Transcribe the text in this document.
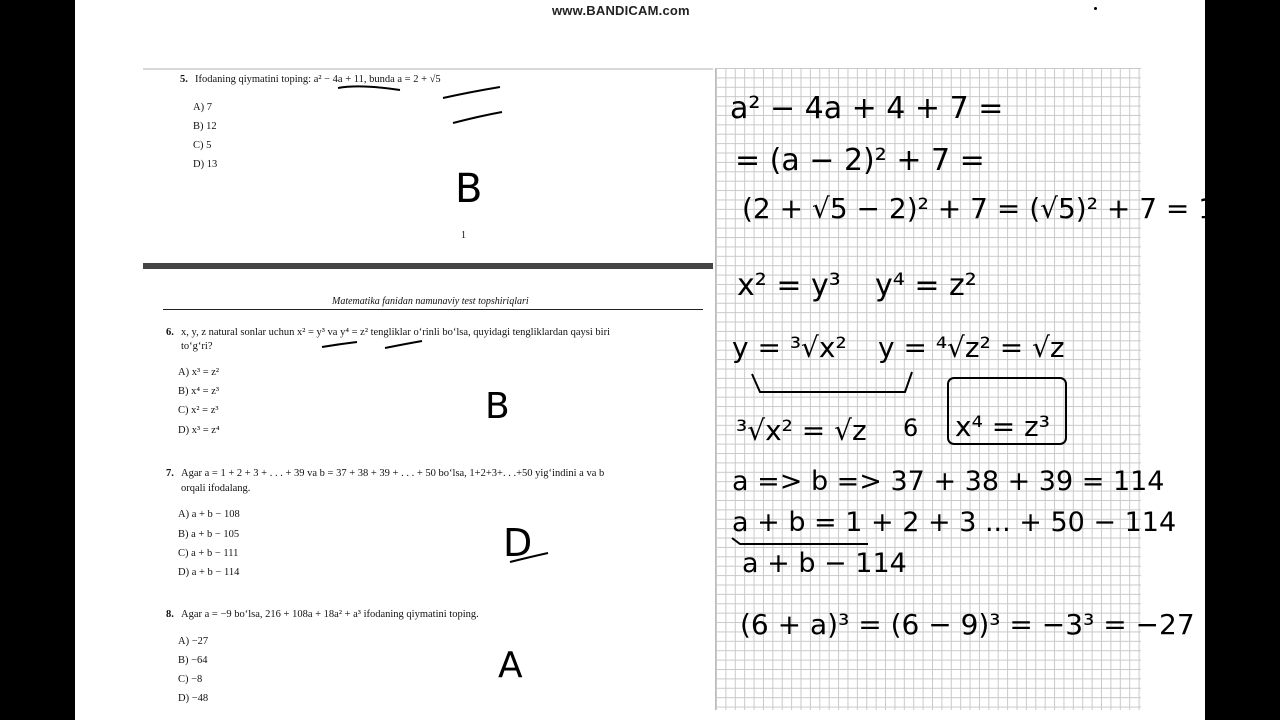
www.BANDICAM.com
5. Ifodaning qiymatini toping: a² − 4a + 11, bunda a = 2 + √5
A) 7
B) 12
C) 5
D) 13
1
Matematika fanidan namunaviy test topshiriqlari
6. x, y, z natural sonlar uchun x² = y³ va y⁴ = z² tengliklar o‘rinli bo‘lsa, quyidagi tengliklardan qaysi biri
to‘g‘ri?
A) x³ = z²
B) x⁴ = z³
C) x² = z³
D) x³ = z⁴
7. Agar a = 1 + 2 + 3 + . . . + 39 va b = 37 + 38 + 39 + . . . + 50 bo‘lsa, 1+2+3+. . .+50 yig‘indini a va b
orqali ifodalang.
A) a + b − 108
B) a + b − 105
C) a + b − 111
D) a + b − 114
8. Agar a = −9 bo‘lsa, 216 + 108a + 18a² + a³ ifodaning qiymatini toping.
A) −27
B) −64
C) −8
D) −48
B
B
D
A
a² − 4a + 4 + 7 =
= (a − 2)² + 7 =
(2 + √5 − 2)² + 7 = (√5)² + 7 = 12
x² = y³ y⁴ = z²
y = ³√x² y = ⁴√z² = √z
³√x² = √z 6 x⁴ = z³
a => b => 37 + 38 + 39 = 114
a + b = 1 + 2 + 3 ... + 50 − 114
a + b − 114
(6 + a)³ = (6 − 9)³ = −3³ = −27
